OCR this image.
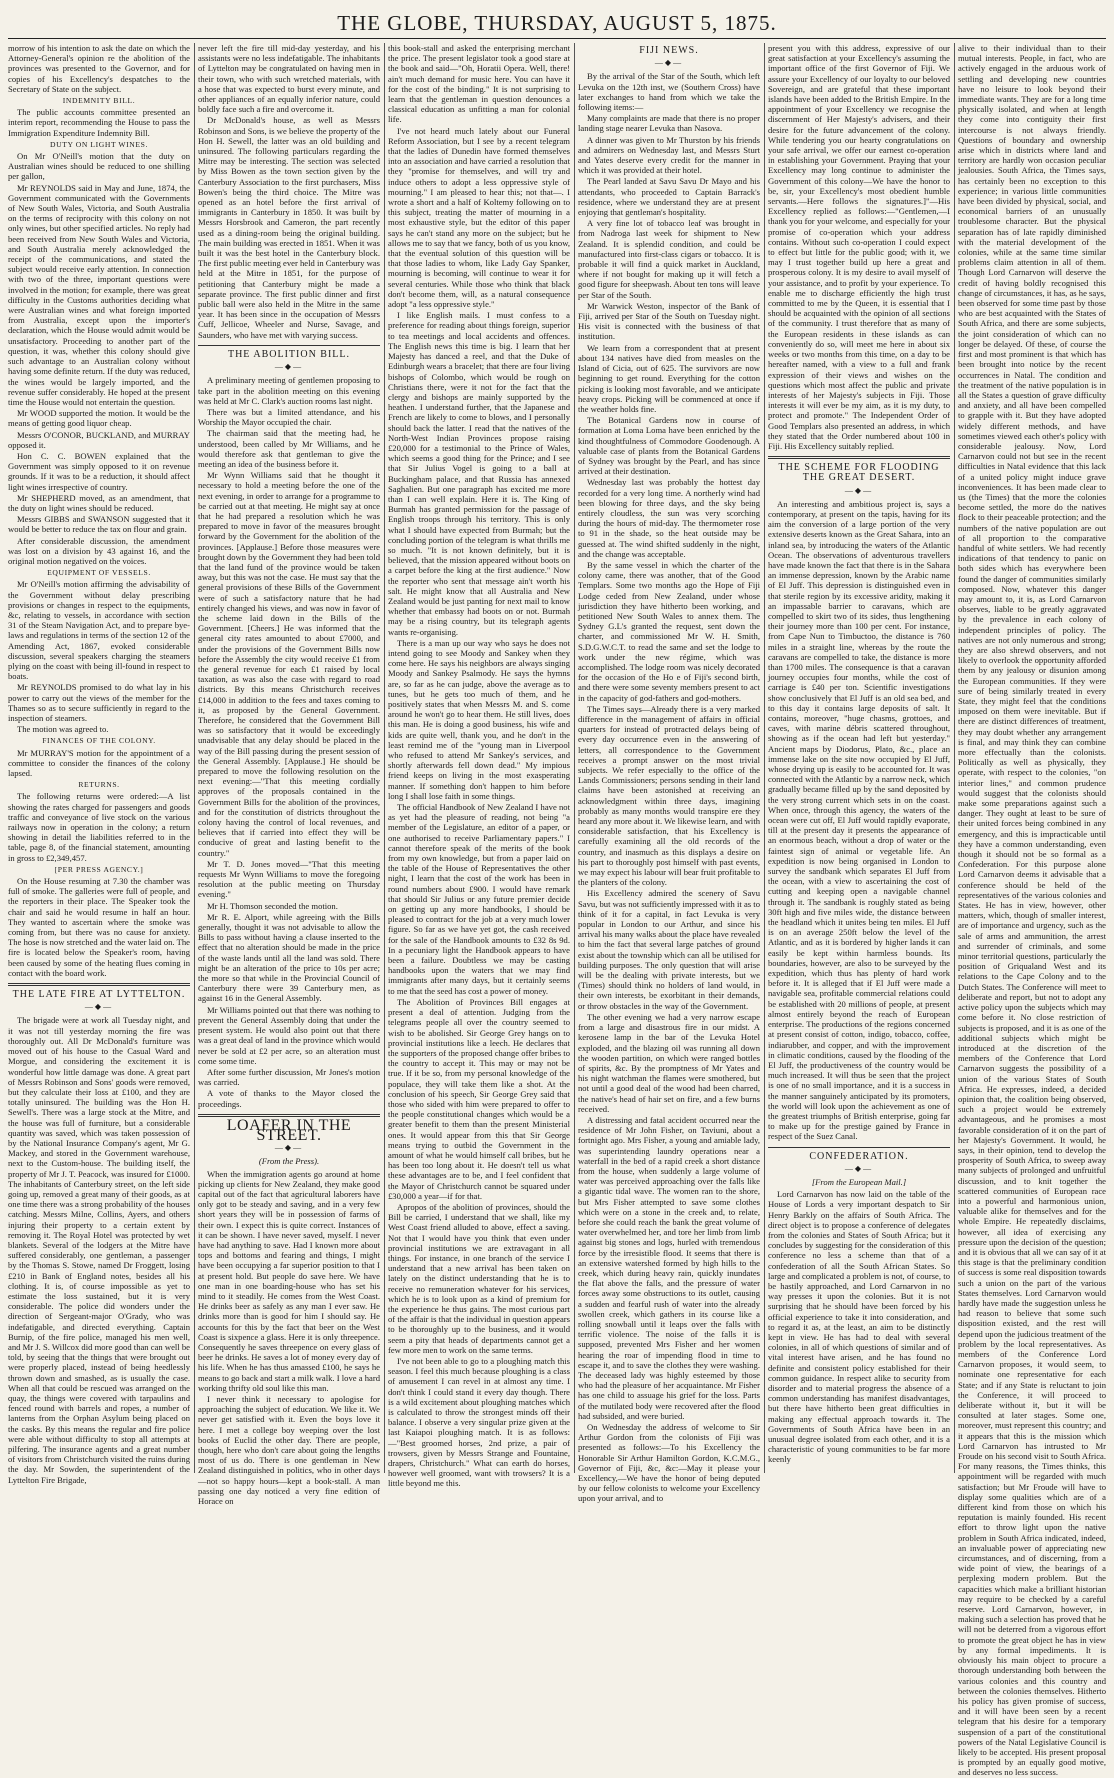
THE GLOBE, THURSDAY, AUGUST 5, 1875.

morrow of his intention to ask the date on which the Attorney-General's opinion re the abolition of the provinces was presented to the Governor, and for copies of his Excellency's despatches to the Secretary of State on the subject.

INDEMNITY BILL.

The public accounts committee presented an interim report, recommending the House to pass the Immigration Expenditure Indemnity Bill.

DUTY ON LIGHT WINES.

On Mr O'Neill's motion that the duty on Australian wines should be reduced to one shilling per gallon,

Mr REYNOLDS said in May and June, 1874, the Government communicated with the Governments of New South Wales, Victoria, and South Australia on the terms of reciprocity with this colony on not only wines, but other specified articles. No reply had been received from New South Wales and Victoria, and South Australia merely acknowledged the receipt of the communications, and stated the subject would receive early attention. In connection with two of the three, important questions were involved in the motion; for example, there was great difficulty in the Customs authorities deciding what were Australian wines and what foreign imported from Australia, except upon the importer's declaration, which the House would admit would be unsatisfactory. Proceeding to another part of the question, it was, whether this colony should give such advantage to an Australian colony without having some definite return. If the duty was reduced, the wines would be largely imported, and the revenue suffer considerably. He hoped at the present time the House would not entertain the question.

Mr WOOD supported the motion. It would be the means of getting good liquor cheap.

Messrs O'CONOR, BUCKLAND, and MURRAY opposed it.

Hon C. C. BOWEN explained that the Government was simply opposed to it on revenue grounds. If it was to be a reduction, it should affect light wines irrespective of country.

Mr SHEPHERD moved, as an amendment, that the duty on light wines should be reduced.

Messrs GIBBS and SWANSON suggested that it would be better to reduce the tax on flour and grain.

After considerable discussion, the amendment was lost on a division by 43 against 16, and the original motion negatived on the voices.

EQUIPMENT OF VESSELS.

Mr O'Neill's motion affirming the advisability of the Government without delay prescribing provisions or changes in respect to the equipments, &c, relating to vessels, in accordance with section 31 of the Steam Navigation Act, and to prepare bye-laws and regulations in terms of the section 12 of the Amending Act, 1867, evoked considerable discussion, several speakers charging the steamers plying on the coast with being ill-found in respect to boats.

Mr REYNOLDS promised to do what lay in his power to carry out the views of the member for the Thames so as to secure sufficiently in regard to the inspection of steamers.

The motion was agreed to.

FINANCES OF THE COLONY.

Mr MURRAY'S motion for the appointment of a committee to consider the finances of the colony lapsed.

RETURNS.

The following returns were ordered:—A list showing the rates charged for passengers and goods traffic and conveyance of live stock on the various railways now in operation in the colony; a return showing in detail the liabilities referred to in the table, page 8, of the financial statement, amounting in gross to £2,349,457.

[PER PRESS AGENCY.]

On the House resuming at 7.30 the chamber was full of smoke. The galleries were full of people, and the reporters in their place. The Speaker took the chair and said he would resume in half an hour. They wanted to ascertain where the smoke was coming from, but there was no cause for anxiety. The hose is now stretched and the water laid on. The fire is located below the Speaker's room, having been caused by some of the heating flues coming in contact with the board work.

THE LATE FIRE AT LYTTELTON.
—◆—

The brigade were at work all Tuesday night, and it was not till yesterday morning the fire was thoroughly out. All Dr McDonald's furniture was moved out of his house to the Casual Ward and Morgue, and considering the excitement it is wonderful how little damage was done. A great part of Messrs Robinson and Sons' goods were removed, but they calculate their loss at £100, and they are totally uninsured. The building was the Hon H. Sewell's. There was a large stock at the Mitre, and the house was full of furniture, but a considerable quantity was saved, which was taken possession of by the National Insurance Company's agent, Mr G. Mackey, and stored in the Government warehouse, next to the Custom-house. The building itself, the property of Mr J. T. Peacock, was insured for £1000. The inhabitants of Canterbury street, on the left side going up, removed a great many of their goods, as at one time there was a strong probability of the houses catching. Messrs Milne, Collins, Ayers, and others injuring their property to a certain extent by removing it. The Royal Hotel was protected by wet blankets. Several of the lodgers at the Mitre have suffered considerably, one gentleman, a passenger by the Thomas S. Stowe, named Dr Froggett, losing £210 in Bank of England notes, besides all his clothing. It is, of course impossible as yet to estimate the loss sustained, but it is very considerable. The police did wonders under the direction of Sergeant-major O'Grady, who was indefatigable, and directed everything. Captain Burnip, of the fire police, managed his men well, and Mr J. S. Willcox did more good than can well be told, by seeing that the things that were brought out were properly placed, instead of being heedlessly thrown down and smashed, as is usually the case. When all that could be rescued was arranged on the quay, the things were covered with tarpaulins and fenced round with barrels and ropes, a number of lanterns from the Orphan Asylum being placed on the casks. By this means the regular and fire police were able without difficulty to stop all attempts at pilfering. The insurance agents and a great number of visitors from Christchurch visited the ruins during the day. Mr Sowden, the superintendent of the Lyttelton Fire Brigade,

never left the fire till mid-day yesterday, and his assistants were no less indefatigable. The inhabitants of Lyttelton may be congratulated on having men in their town, who with such wretched materials, with a hose that was expected to burst every minute, and other appliances of an equally inferior nature, could boldly face such a fire and overcome it.

Dr McDonald's house, as well as Messrs Robinson and Sons, is we believe the property of the Hon H. Sewell, the latter was an old building and uninsured. The following particulars regarding the Mitre may be interesting. The section was selected by Miss Bowen as the town section given by the Canterbury Association to the first purchasers, Miss Bowen's being the third choice. The Mitre was opened as an hotel before the first arrival of immigrants in Canterbury in 1850. It was built by Messrs Horsbrook and Cameron, the part recently used as a dining-room being the original building. The main building was erected in 1851. When it was built it was the best hotel in the Canterbury block. The first public meeting ever held in Canterbury was held at the Mitre in 1851, for the purpose of petitioning that Canterbury might be made a separate province. The first public dinner and first public ball were also held in the Mitre in the same year. It has been since in the occupation of Messrs Cuff, Jellicoe, Wheeler and Nurse, Savage, and Saunders, who have met with varying success.

THE ABOLITION BILL.
—◆—

A preliminary meeting of gentlemen proposing to take part in the abolition meeting on this evening was held at Mr C. Clark's auction rooms last night.

There was but a limited attendance, and his Worship the Mayor occupied the chair.

The chairman said that the meeting had, he understood, been called by Mr Williams, and he would therefore ask that gentleman to give the meeting an idea of the business before it.

Mr Wynn Williams said that he thought it necessary to hold a meeting before the one of the next evening, in order to arrange for a programme to be carried out at that meeting. He might say at once that he had prepared a resolution which he was prepared to move in favor of the measures brought forward by the Government for the abolition of the provinces. [Applause.] Before those measures were brought down by the Government they had been told that the land fund of the province would be taken away, but this was not the case. He must say that the general provisions of these Bills of the Government were of such a satisfactory nature that he had entirely changed his views, and was now in favor of the scheme laid down in the Bills of the Government. [Cheers.] He was informed that the general city rates amounted to about £7000, and under the provisions of the Government Bills now before the Assembly the city would receive £1 from the general revenue for each £1 raised by local taxation, as was also the case with regard to road districts. By this means Christchurch receives £14,000 in addition to the fees and taxes coming to it, as proposed by the General Government. Therefore, he considered that the Government Bill was so satisfactory that it would be exceedingly unadvisable that any delay should be placed in the way of the Bill passing during the present session of the General Assembly. [Applause.] He should be prepared to move the following resolution on the next evening:—"That this meeting cordially approves of the proposals contained in the Government Bills for the abolition of the provinces, and for the constitution of districts throughout the colony having the control of local revenues, and believes that if carried into effect they will be conducive of great and lasting benefit to the country."

Mr T. D. Jones moved—"That this meeting requests Mr Wynn Williams to move the foregoing resolution at the public meeting on Thursday evening."

Mr H. Thomson seconded the motion.

Mr R. E. Alport, while agreeing with the Bills generally, thought it was not advisable to allow the Bills to pass without having a clause inserted to the effect that no alteration should be made in the price of the waste lands until all the land was sold. There might be an alteration of the price to 10s per acre; the more so that while in the Provincial Council of Canterbury there were 39 Canterbury men, as against 16 in the General Assembly.

Mr Williams pointed out that there was nothing to prevent the General Assembly doing that under the present system. He would also point out that there was a great deal of land in the province which would never be sold at £2 per acre, so an alteration must come some time.

After some further discussion, Mr Jones's motion was carried.

A vote of thanks to the Mayor closed the proceedings.

LOAFER IN THE STREET.
—◆—
(From the Press).

When the immigration agents go around at home picking up clients for New Zealand, they make good capital out of the fact that agricultural laborers have only got to be steady and saving, and in a very few short years they will be in possession of farms of their own. I expect this is quite correct. Instances of it can be shown. I have never saved, myself. I never have had anything to save. Had I known more about tops and bottoms and fearing and things, I might have been occupying a far superior position to that I at present hold. But people do save here. We have one man in one boarding-house who has set his mind to it steadily. He comes from the West Coast. He drinks beer as safely as any man I ever saw. He drinks more than is good for him I should say. He accounts for this by the fact that beer on the West Coast is sixpence a glass. Here it is only threepence. Consequently he saves threepence on every glass of beer he drinks. He saves a lot of money every day of his life. When he has thus amassed £100, he says he means to go back and start a milk walk. I love a hard working thrifty old soul like this man.

I never think it necessary to apologise for approaching the subject of education. We like it. We never get satisfied with it. Even the boys love it here. I met a college boy weeping over the lost books of Euclid the other day. There are people, though, here who don't care about going the lengths most of us do. There is one gentleman in New Zealand distinguished in politics, who in other days—not so happy hours—kept a book-stall. A man passing one day noticed a very fine edition of Horace on

this book-stall and asked the enterprising merchant the price. The present legislator took a good stare at the book and said—"Oh, Horatii Opera. Well, there! ain't much demand for music here. You can have it for the cost of the binding." It is not surprising to learn that the gentleman in question denounces a classical education as unfitting a man for colonial life.

I've not heard much lately about our Funeral Reform Association, but I see by a recent telegram that the ladies of Dunedin have formed themselves into an association and have carried a resolution that they "promise for themselves, and will try and induce others to adopt a less oppressive style of mourning." I am pleased to hear this; not that—. I wrote a short and a half of Koltemy following on to this subject, treating the matter of mourning in a most exhaustive style, but the editor of this paper says he can't stand any more on the subject; but he allows me to say that we fancy, both of us you know, that the eventual solution of this question will be that those ladies to whom, like Lady Gay Spanker, mourning is becoming, will continue to wear it for several centuries. While those who think that black don't become them, will, as a natural consequence adopt "a less oppressive style."

I like English mails. I must confess to a preference for reading about things foreign, superior to tea meetings and local accidents and offences. The English news this time is big. I learn that her Majesty has danced a reel, and that the Duke of Edinburgh wears a bracelet; that there are four living bishops of Colombo, which would be rough on Christians there, were it not for the fact that the clergy and bishops are mainly supported by the heathen. I understand further, that the Japanese and French are likely to come to blows, and I personally should back the latter. I read that the natives of the North-West Indian Provinces propose raising £20,000 for a testimonial to the Prince of Wales, which seems a good thing for the Prince; and I see that Sir Julius Vogel is going to a ball at Buckingham palace, and that Russia has annexed Saghalien. But one paragraph has excited me more than I can well explain. Here it is. The King of Burmah has granted permission for the passage of English troops through his territory. This is only what I should have expected from Burmah; but the concluding portion of the telegram is what thrills me so much. "It is not known definitely, but it is believed, that the mission appeared without boots on a carpet before the king at the first audience." Now the reporter who sent that message ain't worth his salt. He might know that all Australia and New Zealand would be just panting for next mail to know whether that embassy had boots on or not. Burmah may be a rising country, but its telegraph agents wants re-organising.

There is a man up our way who says he does not intend going to see Moody and Sankey when they come here. He says his neighbors are always singing Moody and Sankey Psalmody. He says the hymns are, so far as he can judge, above the average as to tunes, but he gets too much of them, and he positively states that when Messrs M. and S. come around he won't go to hear them. He still lives, does this man. He is doing a good business, his wife and kids are quite well, thank you, and he don't in the least remind me of the "young man in Liverpool who refused to attend Mr Sankey's services, and shortly afterwards fell down dead." My impious friend keeps on living in the most exasperating manner. If something don't happen to him before long I shall lose faith in some things.

The official Handbook of New Zealand I have not as yet had the pleasure of reading, not being "a member of the Legislature, an editor of a paper, or one authorised to receive Parliamentary papers." I cannot therefore speak of the merits of the book from my own knowledge, but from a paper laid on the table of the House of Representatives the other night, I learn that the cost of the work has been in round numbers about £900. I would have remark that should Sir Julius or any future premier decide on getting up any more handbooks, I should be pleased to contract for the job at a very much lower figure. So far as we have yet got, the cash received for the sale of the Handbook amounts to £32 8s 9d. In a pecuniary light the Handbook appears to have been a failure. Doubtless we may be casting handbooks upon the waters that we may find immigrants after many days, but it certainly seems to me that the seed has cost a power of money.

The Abolition of Provinces Bill engages at present a deal of attention. Judging from the telegrams people all over the country seemed to wish to be abolished. Sir George Grey hangs on to provincial institutions like a leech. He declares that the supporters of the proposed change offer bribes to the country to accept it. This may or may not be true. If it be so, from my personal knowledge of the populace, they will take them like a shot. At the conclusion of his speech, Sir George Grey said that those who sided with him were prepared to offer to the people constitutional changes which would be a greater benefit to them than the present Ministerial ones. It would appear from this that Sir George means trying to outbid the Government in the amount of what he would himself call bribes, but he has been too long about it. He doesn't tell us what these advantages are to be, and I feel confident that the Mayor of Christchurch cannot be squared under £30,000 a year—if for that.

Apropos of the abolition of provinces, should the Bill be carried, I understand that we shall, like my West Coast friend alluded to above, effect a saving. Not that I would have you think that even under provincial institutions we are extravagant in all things. For instance, in one branch of the service I understand that a new arrival has been taken on lately on the distinct understanding that he is to receive no remuneration whatever for his services, which he is to look upon as a kind of premium for the experience he thus gains. The most curious part of the affair is that the individual in question appears to be thoroughly up to the business, and it would seem a pity that heads of departments cannot get a few more men to work on the same terms.

I've not been able to go to a ploughing match this season. I feel this much because ploughing is a class of amusement I can revel in at almost any time. I don't think I could stand it every day though. There is a wild excitement about ploughing matches which is calculated to throw the strongest minds off their balance. I observe a very singular prize given at the last Kaiapoi ploughing match. It is as follows:—"Best groomed horses, 2nd prize, a pair of trowsers, given by Messrs Strange and Fountaine, drapers, Christchurch." What can earth do horses, however well groomed, want with trowsers? It is a little beyond me this.

FIJI NEWS.
—◆—

By the arrival of the Star of the South, which left Levuka on the 12th inst, we (Southern Cross) have later exchanges to hand from which we take the following items:—

Many complaints are made that there is no proper landing stage nearer Levuka than Nasova.

A dinner was given to Mr Thurston by his friends and admirers on Wednesday last, and Messrs Sturt and Yates deserve every credit for the manner in which it was provided at their hotel.

The Pearl landed at Savu Savu Dr Mayo and his attendants, who proceeded to Captain Barrack's residence, where we understand they are at present enjoying that gentleman's hospitality.

A very fine lot of tobacco leaf was brought in from Nadroga last week for shipment to New Zealand. It is splendid condition, and could be manufactured into first-class cigars or tobacco. It is probable it will find a quick market in Auckland, where if not bought for making up it will fetch a good figure for sheepwash. About ten tons will leave per Star of the South.

Mr Warwick Weston, inspector of the Bank of Fiji, arrived per Star of the South on Tuesday night. His visit is connected with the business of that institution.

We learn from a correspondent that at present about 134 natives have died from measles on the Island of Cicia, out of 625. The survivors are now beginning to get round. Everything for the cotton picking is looking most favorable, and we anticipate heavy crops. Picking will be commenced at once if the weather holds fine.

The Botanical Gardens now in course of formation at Loma Loma have been enriched by the kind thoughtfulness of Commodore Goodenough. A valuable case of plants from the Botanical Gardens of Sydney was brought by the Pearl, and has since arrived at their destination.

Wednesday last was probably the hottest day recorded for a very long time. A northerly wind had been blowing for three days, and the sky being entirely cloudless, the sun was very scorching during the hours of mid-day. The thermometer rose to 91 in the shade, so the heat outside may be guessed at. The wind shifted suddenly in the night, and the change was acceptable.

By the same vessel in which the charter of the colony came, there was another, that of the Good Templars. Some two months ago the Hope of Fiji Lodge ceded from New Zealand, under whose jurisdiction they have hitherto been working, and petitioned New South Wales to annex them. The Sydney G.L's granted the request, sent down the charter, and commissioned Mr W. H. Smith, S.D.G.W.C.T. to read the same and set the lodge to work under the new régime, which was accomplished. The lodge room was nicely decorated for the occasion of the Ho e of Fiji's second birth, and there were some seventy members present to act in the capacity of god-fathers and god-mothers.

The Times says—Already there is a very marked difference in the management of affairs in official quarters for instead of protracted delays being of every day occurrence even in the answering of letters, all correspondence to the Government receives a prompt answer on the most trivial subjects. We refer especially to the office of the Lands Commissioners; persons sending in their land claims have been astonished at receiving an acknowledgment within three days, imagining probably as many months would transpire ere they heard any more about it. We likewise learn, and with considerable satisfaction, that his Excellency is carefully examining all the old records of the country, and inasmuch as this displays a desire on his part to thoroughly post himself with past events, we may expect his labour will bear fruit profitable to the planters of the colony.

His Excellency admired the scenery of Savu Savu, but was not sufficiently impressed with it as to think of it for a capital, in fact Levuka is very popular in London to our Arthur, and since his arrival his many walks about the place have revealed to him the fact that several large patches of ground exist about the township which can all be utilised for building purposes. The only question that will arise will be the dealing with private interests, but we (Times) should think no holders of land would, in their own interests, be exorbitant in their demands, or throw obstacles in the way of the Government.

The other evening we had a very narrow escape from a large and disastrous fire in our midst. A kerosene lamp in the bar of the Levuka Hotel exploded, and the blazing oil was running all down the wooden partition, on which were ranged bottles of spirits, &c. By the promptness of Mr Yates and his night watchman the flames were smothered, but not until a good deal of the wood had been charred, the native's head of hair set on fire, and a few burns received.

A distressing and fatal accident occurred near the residence of Mr John Fisher, on Taviuni, about a fortnight ago. Mrs Fisher, a young and amiable lady, was superintending laundry operations near a waterfall in the bed of a rapid creek a short distance from the house, when suddenly a large volume of water was perceived approaching over the falls like a gigantic tidal wave. The women ran to the shore, but Mrs Fisher attempted to save some clothes which were on a stone in the creek and, to relate, before she could reach the bank the great volume of water overwhelmed her, and tore her limb from limb against big stones and logs, hurled with tremendous force by the irresistible flood. It seems that there is an extensive watershed formed by high hills to the creek, which during heavy rain, quickly inundates the flat above the falls, and the pressure of water forces away some obstructions to its outlet, causing a sudden and fearful rush of water into the already swollen creek, which gathers in its course like a rolling snowball until it leaps over the falls with terrific violence. The noise of the falls it is supposed, prevented Mrs Fisher and her women hearing the roar of impending flood in time to escape it, and to save the clothes they were washing. The deceased lady was highly esteemed by those who had the pleasure of her acquaintance. Mr Fisher has one child to assuage his grief for the loss. Parts of the mutilated body were recovered after the flood had subsided, and were buried.

On Wednesday the address of welcome to Sir Arthur Gordon from the colonists of Fiji was presented as follows:—To his Excellency the Honorable Sir Arthur Hamilton Gordon, K.C.M.G., Governor of Fiji, &c, &c:—May it please your Excellency,—We have the honor of being deputed by our fellow colonists to welcome your Excellency upon your arrival, and to

present you with this address, expressive of our great satisfaction at your Excellency's assuming the important office of the first Governor of Fiji. We assure your Excellency of our loyalty to our beloved Sovereign, and are grateful that these important islands have been added to the British Empire. In the appointment of your Excellency we recognise the discernment of Her Majesty's advisers, and their desire for the future advancement of the colony. While tendering you our hearty congratulations on your safe arrival, we offer our earnest co-operation in establishing your Government. Praying that your Excellency may long continue to administer the Government of this colony—We have the honor to be, sir, your Excellency's most obedient humble servants.—Here follows the signatures.]"—His Excellency replied as follows:—"Gentlemen,—I thank you for your welcome, and especially for your promise of co-operation which your address contains. Without such co-operation I could expect to effect but little for the public good; with it, we may I trust together build up here a great and prosperous colony. It is my desire to avail myself of your assistance, and to profit by your experience. To enable me to discharge efficiently the high trust committed to me by the Queen, it is essential that I should be acquainted with the opinion of all sections of the community. I trust therefore that as many of the European residents in these islands as can conveniently do so, will meet me here in about six weeks or two months from this time, on a day to be hereafter named, with a view to a full and frank expression of their views and wishes on the questions which most affect the public and private interests of her Majesty's subjects in Fiji. Those interests it will ever be my aim, as it is my duty, to protect and promote." The Independent Order of Good Templars also presented an address, in which they stated that the Order numbered about 100 in Fiji. His Excellency suitably replied.

THE SCHEME FOR FLOODING THE GREAT DESERT.
—◆—

An interesting and ambitious project is, says a contemporary, at present on the tapis, having for its aim the conversion of a large portion of the very extensive deserts known as the Great Sahara, into an inland sea, by introducing the waters of the Atlantic Ocean. The observations of adventurous travellers have made known the fact that there is in the Sahara an immense depression, known by the Arabic name of El Juff. This depression is distinguished even in that sterile region by its excessive aridity, making it an impassable barrier to caravans, which are compelled to skirt two of its sides, thus lengthening their journey more than 100 per cent. For instance, from Cape Nun to Timbuctoo, the distance is 760 miles in a straight line, whereas by the route the caravans are compelled to take, the distance is more than 1700 miles. The consequence is that a caravan journey occupies four months, while the cost of carriage is £40 per ton. Scientific investigations show conclusively that El Juff is an old sea bed, and to this day it contains large deposits of salt. It contains, moreover, "huge chasms, grottoes, and caves, with marine débris scattered throughout, showing as if the ocean had left but yesterday." Ancient maps by Diodorus, Plato, &c., place an immense lake on the site now occupied by El Juff, whose drying up is easily to be accounted for. It was connected with the Atlantic by a narrow neck, which gradually became filled up by the sand deposited by the very strong current which sets in on the coast. When once, through this agency, the waters of the ocean were cut off, El Juff would rapidly evaporate, till at the present day it presents the appearance of an enormous beach, without a drop of water or the faintest sign of animal or vegetable life. An expedition is now being organised in London to survey the sandbank which separates El Juff from the ocean, with a view to ascertaining the cost of cutting and keeping open a navigable channel through it. The sandbank is roughly stated as being 30ft high and five miles wide, the distance between the headland which it unites being ten miles. El Juff is on an average 250ft below the level of the Atlantic, and as it is bordered by higher lands it can easily be kept within harmless bounds. Its boundaries, however, are also to be surveyed by the expedition, which thus has plenty of hard work before it. It is alleged that if El Juff were made a navigable sea, profitable commercial relations could be established with 20 millions of people, at present almost entirely beyond the reach of European enterprise. The productions of the regions concerned at present consist of cotton, indigo, tobacco, coffee, indiarubber, and copper, and with the improvement in climatic conditions, caused by the flooding of the El Juff, the productiveness of the country would be much increased. It will thus be seen that the project is one of no small importance, and it is a success in the manner sanguinely anticipated by its promoters, the world will look upon the achievement as one of the greatest triumphs of British enterprise, going far to make up for the prestige gained by France in respect of the Suez Canal.

CONFEDERATION.
—◆—
[From the European Mail.]

Lord Carnarvon has now laid on the table of the House of Lords a very important despatch to Sir Henry Barkly on the affairs of South Africa. The direct object is to propose a conference of delegates from the colonies and States of South Africa; but it concludes by suggesting for the consideration of this conference no less a scheme than that of a confederation of all the South African States. So large and complicated a problem is not, of course, to be hastily approached, and Lord Carnarvon in no way presses it upon the colonies. But it is not surprising that he should have been forced by his official experience to take it into consideration, and to regard it as, at the least, an aim to be distinctly kept in view. He has had to deal with several colonies, in all of which questions of similar and of vital interest have arisen, and he has found no definite and consistent policy established for their common guidance. In respect alike to security from disorder and to material progress the absence of a common understanding has manifest disadvantages, but there have hitherto been great difficulties in making any effectual approach towards it. The Governments of South Africa have been in an unusual degree isolated from each other, and it is a characteristic of young communities to be far more keenly

alive to their individual than to their mutual interests. People, in fact, who are actively engaged in the arduous work of settling and developing new countries have no leisure to look beyond their immediate wants. They are for a long time physically isolated, and when at length they come into contiguity their first intercourse is not always friendly. Questions of boundary and ownership arise which in districts where land and territory are hardly won occasion peculiar jealousies. South Africa, the Times says, has certainly been no exception to this experience; in various little communities have been divided by physical, social, and economical barriers of an unusually troublesome character. But the physical separation has of late rapidly diminished with the material development of the colonies, while at the same time similar problems claim attention in all of them. Though Lord Carnarvon will deserve the credit of having boldly recognised this change of circumstances, it has, as he says, been observed for some time past by those who are best acquainted with the States of South Africa, and there are some subjects, the joint consideration of which can no longer be delayed. Of these, of course the first and most prominent is that which has been brought into notice by the recent occurrences in Natal. The condition and the treatment of the native population is in all the States a question of grave difficulty and anxiety, and all have been compelled to grapple with it. But they have adopted widely different methods, and have sometimes viewed each other's policy with considerable jealousy. Now, Lord Carnarvon could not but see in the recent difficulties in Natal evidence that this lack of a united policy might induce grave inconveniences. It has been made clear to us (the Times) that the more the colonies become settled, the more do the natives flock to their peaceable protection; and the numbers of the native population are out of all proportion to the comparative handful of white settlers. We had recently indications of that tendency to panic on both sides which has everywhere been found the danger of communities similarly composed. Now, whatever this danger may amount to, it is, as Lord Carnarvon observes, liable to be greatly aggravated by the prevalence in each colony of independent principles of policy. The natives are not only numerous and strong; they are also shrewd observers, and not likely to overlook the opportunity afforded them by any jealousy or disunion among the European communities. If they were sure of being similarly treated in every State, they might feel that the conditions imposed on them were inevitable. But if there are distinct differences of treatment, they may doubt whether any arrangement is final, and may think they can combine more effectually than the colonists. Politically as well as physically, they operate, with respect to the colonies, "on interior lines," and common prudence would suggest that the colonists should make some preparations against such a danger. They ought at least to be sure of their united forces being combined in any emergency, and this is impracticable until they have a common understanding, even though it should not be so formal as a Confederation. For this purpose alone Lord Carnarvon deems it advisable that a conference should be held of the representatives of the various colonies and States. He has in view, however, other matters, which, though of smaller interest, are of importance and urgency, such as the sale of arms and ammunition, the arrest and surrender of criminals, and some minor territorial questions, particularly the position of Griqualand West and its relations to the Cape Colony and to the Dutch States. The Conference will meet to deliberate and report, but not to adopt any active policy upon the subjects which may come before it. No close restriction of subjects is proposed, and it is as one of the additional subjects which might be introduced at the discretion of the members of the Conference that Lord Carnarvon suggests the possibility of a union of the various States of South Africa. He expresses, indeed, a decided opinion that, the coalition being observed, such a project would be extremely advantageous, and he promises a most favorable consideration of it on the part of her Majesty's Government. It would, he says, in their opinion, tend to develop the prosperity of South Africa, to sweep away many subjects of prolonged and unfruitful discussion, and to knit together the scattered communities of European race into a powerful and harmonious union, valuable alike for themselves and for the whole Empire. He repeatedly disclaims, however, all idea of exercising any pressure upon the decision of the question; and it is obvious that all we can say of it at this stage is that the preliminary condition of success is some real disposition towards such a union on the part of the various States themselves. Lord Carnarvon would hardly have made the suggestion unless he had reason to believe that some such disposition existed, and the rest will depend upon the judicious treatment of the problem by the local representatives. As members of the Conference Lord Carnarvon proposes, it would seem, to nominate one representative for each State; and if any State is reluctant to join the Conference, it will proceed to deliberate without it, but it will be consulted at later stages. Some one, moreover, must represent this country; and it appears that this is the mission which Lord Carnarvon has intrusted to Mr Froude on his second visit to South Africa. For many reasons, the Times thinks, this appointment will be regarded with much satisfaction; but Mr Froude will have to display some qualities which are of a different kind from those on which his reputation is mainly founded. His recent effort to throw light upon the native problem in South Africa indicated, indeed, an invaluable power of appreciating new circumstances, and of discerning, from a wide point of view, the bearings of a perplexing modern problem. But the capacities which make a brilliant historian may require to be checked by a careful reserve. Lord Carnarvon, however, in making such a selection has proved that he will not be deterred from a vigorous effort to promote the great object he has in view by any formal impediments. It is obviously his main object to procure a thorough understanding both between the various colonies and this country and between the colonies themselves. Hitherto his policy has given promise of success, and it will have been seen by a recent telegram that his desire for a temporary suspension of a part of the constitutional powers of the Natal Legislative Council is likely to be accepted. His present proposal is prompted by an equally good motive, and deserves no less success.
